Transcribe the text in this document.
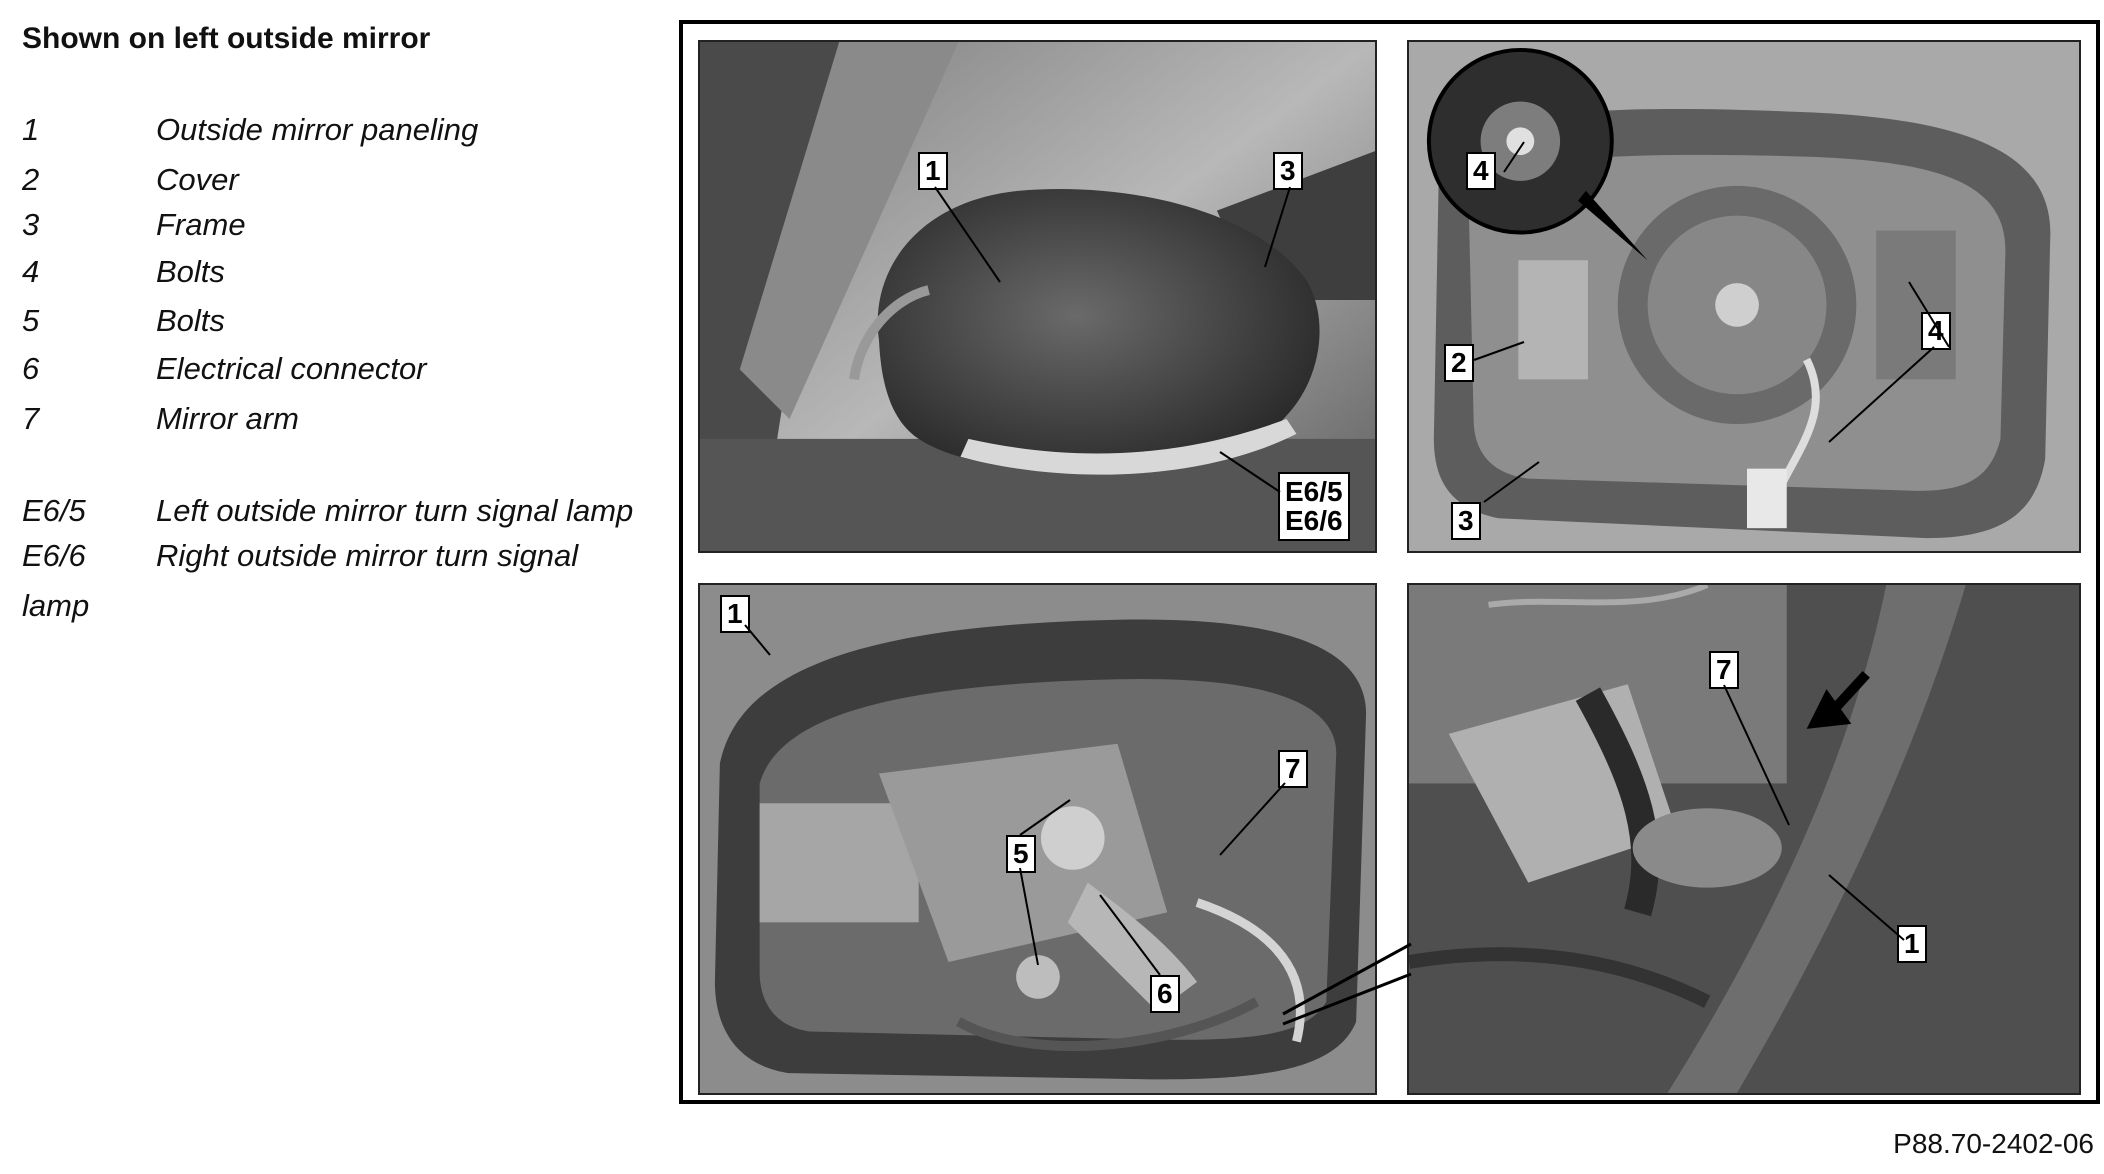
Shown on left outside mirror
1	Outside mirror paneling
2	Cover
3	Frame
4	Bolts
5	Bolts
6	Electrical connector
7	Mirror arm
E6/5 Left outside mirror turn signal lamp
E6/6 Right outside mirror turn signal
lamp
1	3
E6/5
E6/6
4
4
2
3
1
7
5
6
7
1
P88.70-2402-06
